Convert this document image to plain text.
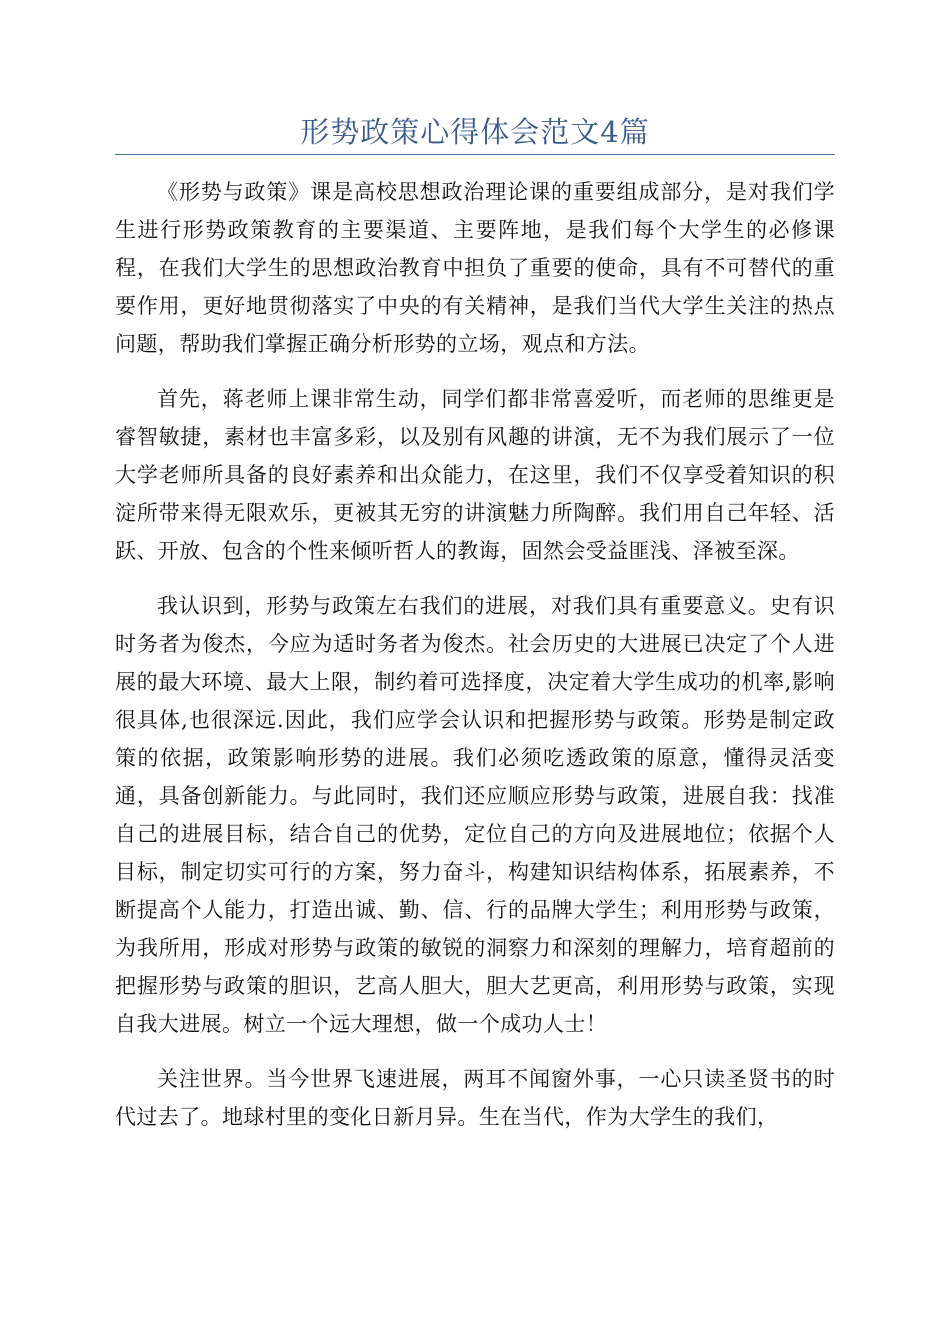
形势政策心得体会范文4篇

《形势与政策》课是高校思想政治理论课的重要组成部分，是对我们学生进行形势政策教育的主要渠道、主要阵地，是我们每个大学生的必修课程，在我们大学生的思想政治教育中担负了重要的使命，具有不可替代的重要作用，更好地贯彻落实了中央的有关精神，是我们当代大学生关注的热点问题，帮助我们掌握正确分析形势的立场，观点和方法。

首先，蒋老师上课非常生动，同学们都非常喜爱听，而老师的思维更是睿智敏捷，素材也丰富多彩，以及别有风趣的讲演，无不为我们展示了一位大学老师所具备的良好素养和出众能力，在这里，我们不仅享受着知识的积淀所带来得无限欢乐，更被其无穷的讲演魅力所陶醉。我们用自己年轻、活跃、开放、包含的个性来倾听哲人的教诲，固然会受益匪浅、泽被至深。

我认识到，形势与政策左右我们的进展，对我们具有重要意义。史有识时务者为俊杰，今应为适时务者为俊杰。社会历史的大进展已决定了个人进展的最大环境、最大上限，制约着可选择度，决定着大学生成功的机率,影响很具体,也很深远.因此，我们应学会认识和把握形势与政策。形势是制定政策的依据，政策影响形势的进展。我们必须吃透政策的原意，懂得灵活变通，具备创新能力。与此同时，我们还应顺应形势与政策，进展自我：找准自己的进展目标，结合自己的优势，定位自己的方向及进展地位；依据个人目标，制定切实可行的方案，努力奋斗，构建知识结构体系，拓展素养，不断提高个人能力，打造出诚、勤、信、行的品牌大学生；利用形势与政策，为我所用，形成对形势与政策的敏锐的洞察力和深刻的理解力，培育超前的把握形势与政策的胆识，艺高人胆大，胆大艺更高，利用形势与政策，实现自我大进展。树立一个远大理想，做一个成功人士！

关注世界。当今世界飞速进展，两耳不闻窗外事，一心只读圣贤书的时代过去了。地球村里的变化日新月异。生在当代，作为大学生的我们，
